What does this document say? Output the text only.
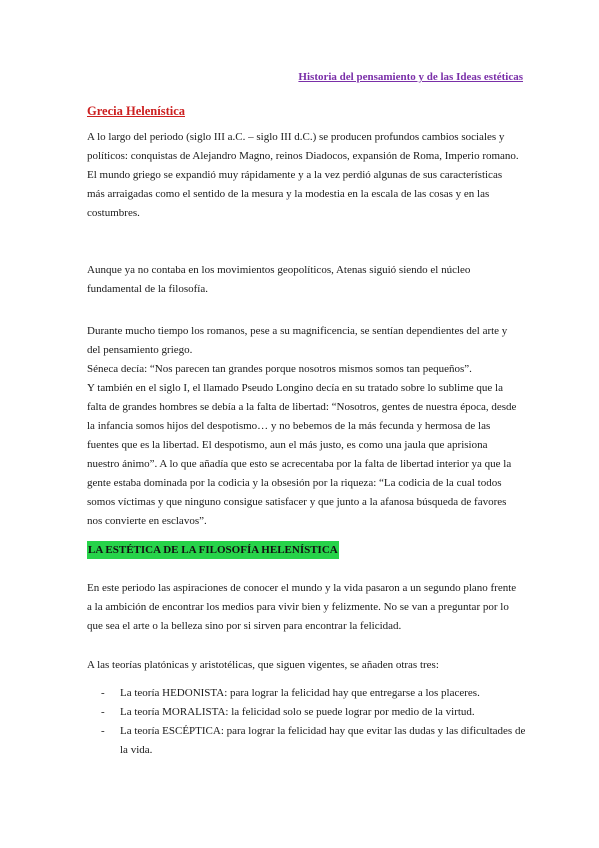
Historia del pensamiento y de las Ideas estéticas
Grecia Helenística

A lo largo del periodo (siglo III a.C. – siglo III d.C.) se producen profundos cambios sociales y políticos: conquistas de Alejandro Magno, reinos Diadocos, expansión de Roma, Imperio romano.

El mundo griego se expandió muy rápidamente y a la vez perdió algunas de sus características más arraigadas como el sentido de la mesura y la modestia en la escala de las cosas y en las costumbres.

Aunque ya no contaba en los movimientos geopolíticos, Atenas siguió siendo el núcleo fundamental de la filosofía.

Durante mucho tiempo los romanos, pese a su magnificencia, se sentían dependientes del arte y del pensamiento griego.

Séneca decía: “Nos parecen tan grandes porque nosotros mismos somos tan pequeños”.

Y también en el siglo I, el llamado Pseudo Longino decía en su tratado sobre lo sublime que la falta de grandes hombres se debía a la falta de libertad: “Nosotros, gentes de nuestra época, desde la infancia somos hijos del despotismo… y no bebemos de la más fecunda y hermosa de las fuentes que es la libertad. El despotismo, aun el más justo, es como una jaula que aprisiona nuestro ánimo”. A lo que añadía que esto se acrecentaba por la falta de libertad interior ya que la gente estaba dominada por la codicia y la obsesión por la riqueza: “La codicia de la cual todos somos víctimas y que ninguno consigue satisfacer y que junto a la afanosa búsqueda de favores nos convierte en esclavos”.

LA ESTÉTICA DE LA FILOSOFÍA HELENÍSTICA
En este periodo las aspiraciones de conocer el mundo y la vida pasaron a un segundo plano frente a la ambición de encontrar los medios para vivir bien y felizmente. No se van a preguntar por lo que sea el arte o la belleza sino por si sirven para encontrar la felicidad.
A las teorías platónicas y aristotélicas, que siguen vigentes, se añaden otras tres:
- La teoría HEDONISTA: para lograr la felicidad hay que entregarse a los placeres.
- La teoría MORALISTA: la felicidad solo se puede lograr por medio de la virtud.
- La teoría ESCÉPTICA: para lograr la felicidad hay que evitar las dudas y las dificultades de la vida.
